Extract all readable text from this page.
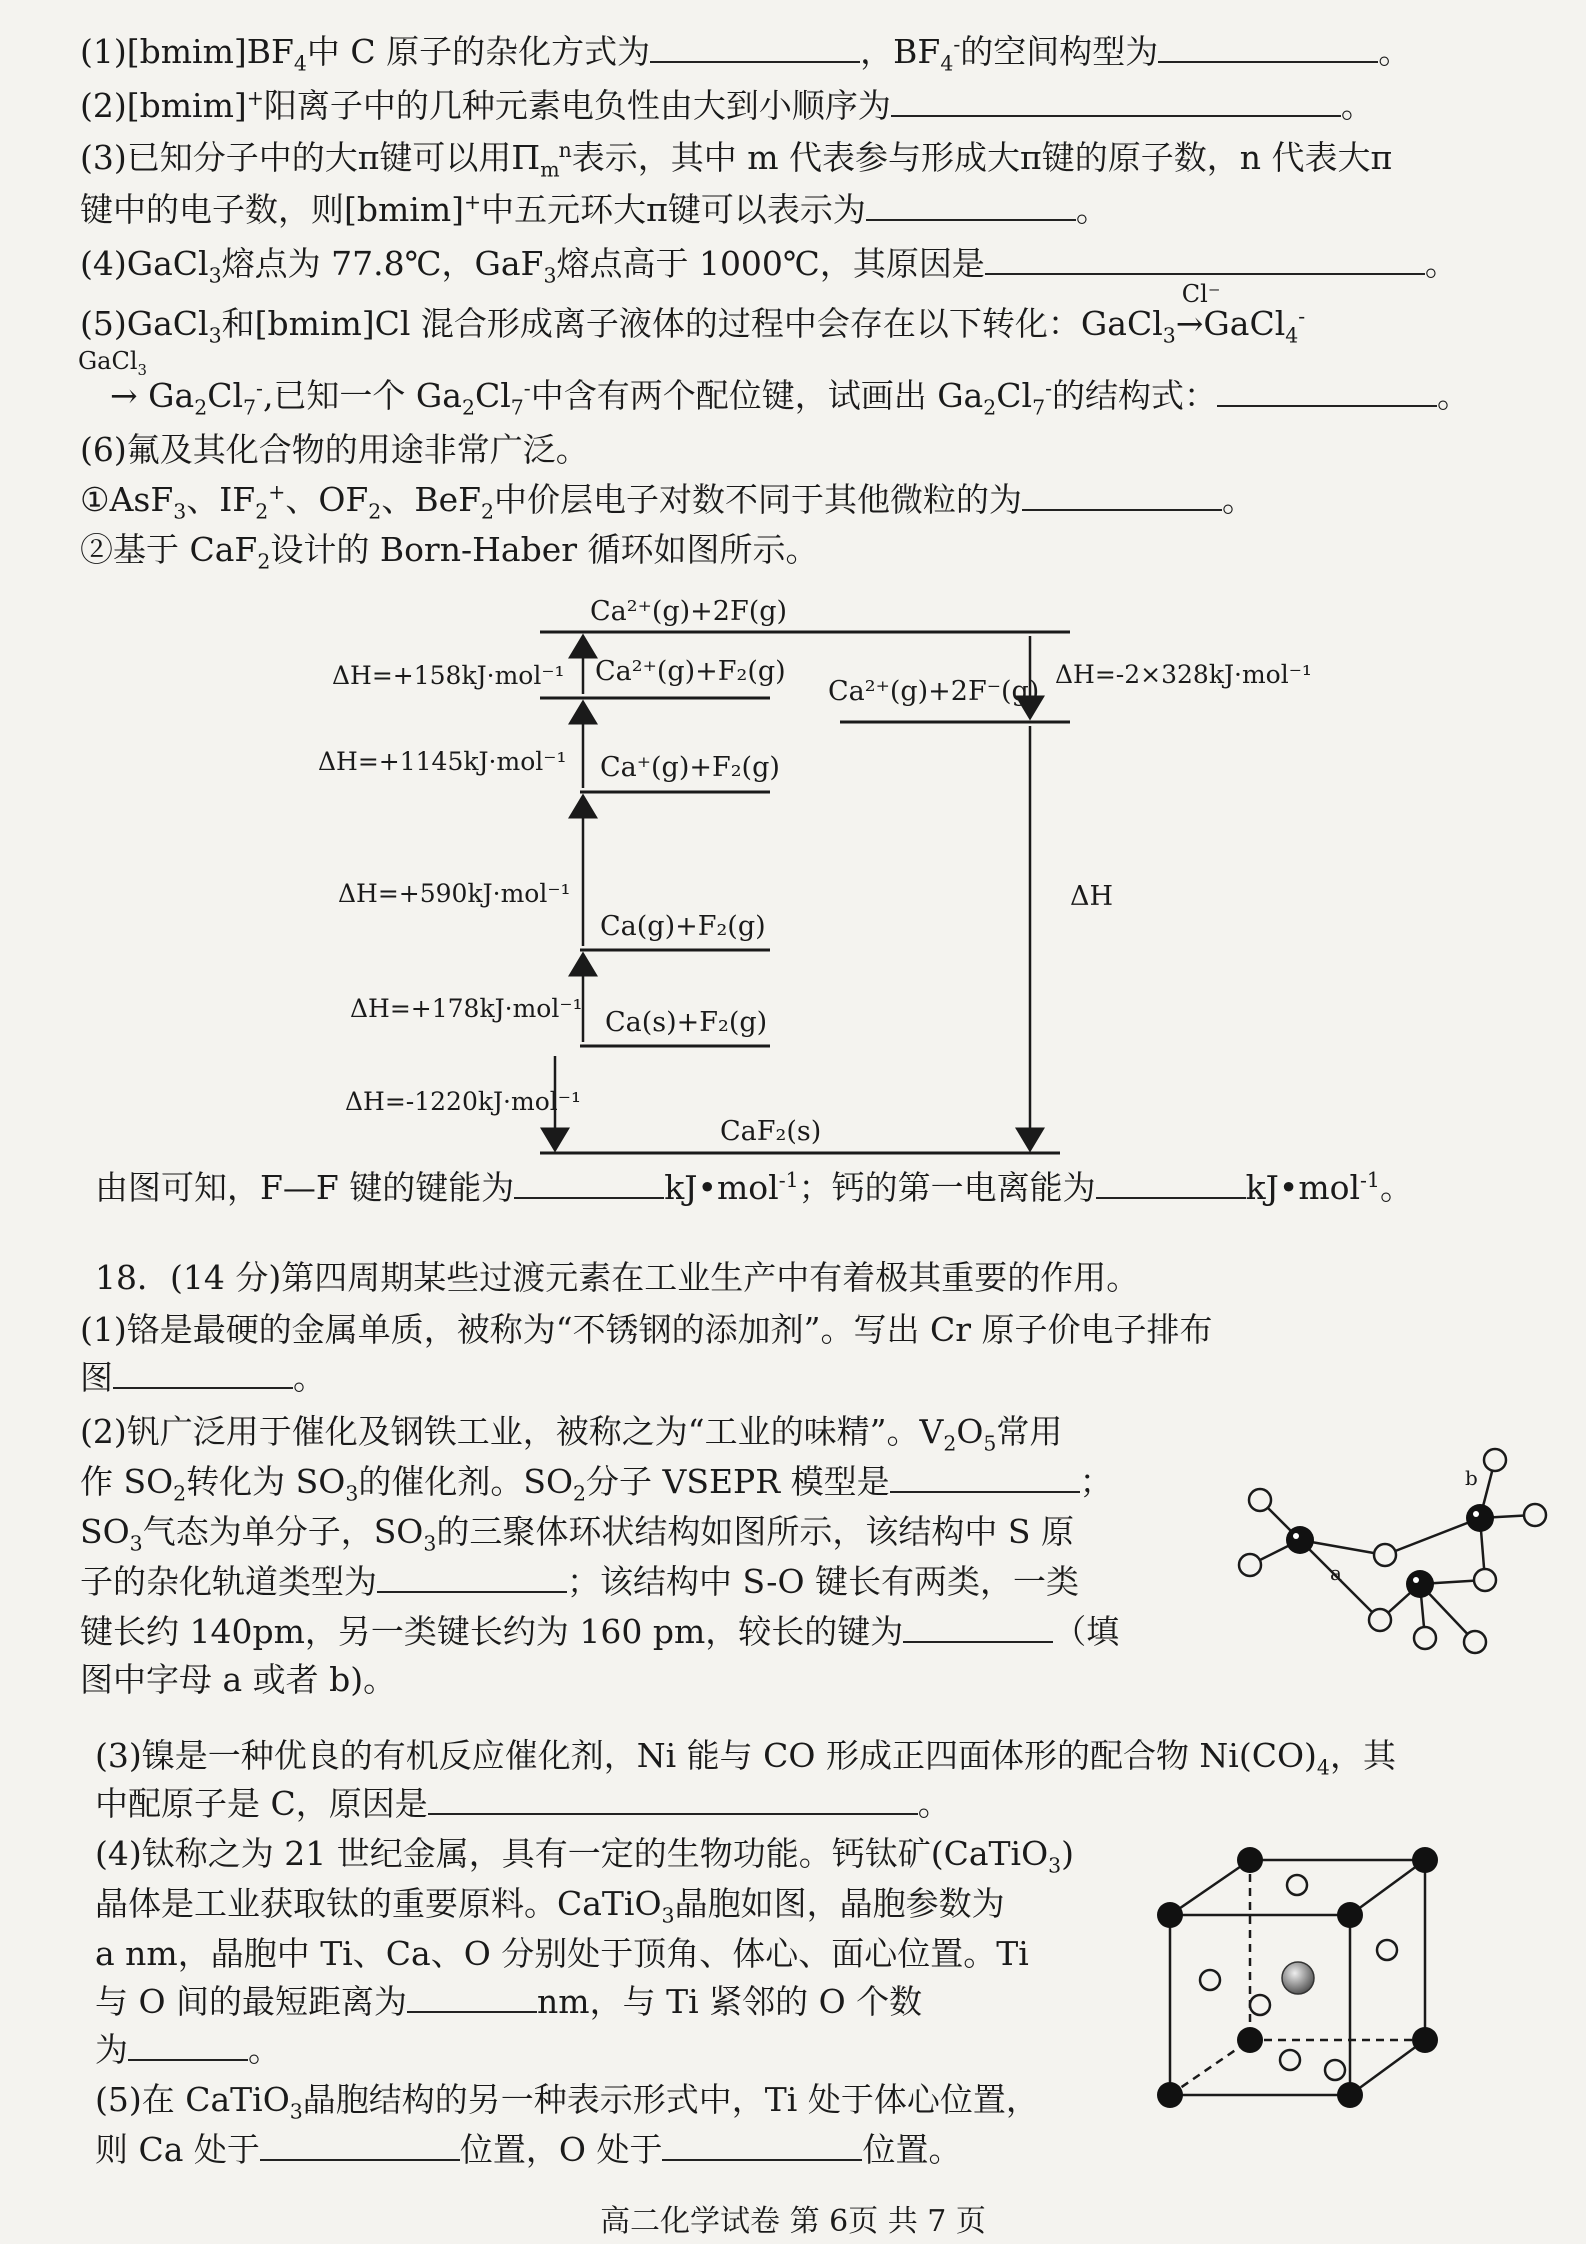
$(1)[bmim]BF_4$中 C 原子的杂化方式为	，$BF_4^-$的空间构型为	。
(2)[bmim]+阳离子中的几种元素电负性由大到小顺序为	。
(3)已知分子中的大π键可以用$\Pi_m^n$表示，其中 m 代表参与形成大π键的原子数，n 代表大π
键中的电子数，则[bmim]+中五元环大π键可以表示为	。
(4)GaCl$_3$熔点为 77.8℃，GaF$_3$熔点高于 1000℃，其原因是	。
(5)GaCl$_3$和[bmim]Cl 混合形成离子液体的过程中会存在以下转化：GaCl$_3$
Cl⁻
→GaCl$_4$-
GaCl$_3$
→ $Ga_2Cl_7^-$,已知一个 $Ga_2Cl_7^-$中含有两个配位键，试画出 $Ga_2Cl_7^-$的结构式：	。
(6)氟及其化合物的用途非常广泛。
①AsF$_3$、$IF_2^+$、$OF_2$、BeF$_2$中价层电子对数不同于其他微粒的为	。
②基于 CaF$_2$设计的 Born-Haber 循环如图所示。
Ca²⁺(g)+2F(g)
Ca²⁺(g)+F₂(g)
Ca⁺(g)+F₂(g)
Ca(g)+F₂(g)
Ca(s)+F₂(g)
CaF₂(s)
Ca²⁺(g)+2F⁻(g)
ΔH=+158kJ·mol⁻¹
ΔH=+1145kJ·mol⁻¹
ΔH=+590kJ·mol⁻¹
ΔH=+178kJ·mol⁻¹
ΔH=-1220kJ·mol⁻¹
ΔH=-2×328kJ·mol⁻¹
ΔH
由图可知，F—F 键的键能为	kJ•mol$^{-1}$；钙的第一电离能为	kJ•mol$^{-1}$。
18．(14 分)第四周期某些过渡元素在工业生产中有着极其重要的作用。
(1)铬是最硬的金属单质，被称为“不锈钢的添加剂”。写出 Cr 原子价电子排布
图	。
(2)钒广泛用于催化及钢铁工业，被称之为“工业的味精”。$V_2O_5$常用
作 $SO_2$转化为 $SO_3$的催化剂。$SO_2$分子 VSEPR 模型是	；
$SO_3$气态为单分子，$SO_3$的三聚体环状结构如图所示，该结构中 S 原
子的杂化轨道类型为	；该结构中 S-O 键长有两类，一类
键长约 140pm，另一类键长约为 160 pm，较长的键为	（填
图中字母 a 或者 b)。
a
b
(3)镍是一种优良的有机反应催化剂，Ni 能与 CO 形成正四面体形的配合物 $Ni(CO)_4$，其
中配原子是 C，原因是	。
(4)钛称之为 21 世纪金属，具有一定的生物功能。钙钛矿(CaTiO$_3$)
晶体是工业获取钛的重要原料。CaTiO$_3$晶胞如图，晶胞参数为
a nm，晶胞中 Ti、Ca、O 分别处于顶角、体心、面心位置。Ti
与 O 间的最短距离为	nm，与 Ti 紧邻的 O 个数
为	。
(5)在 CaTiO$_3$晶胞结构的另一种表示形式中，Ti 处于体心位置，
则 Ca 处于	位置，O 处于	位置。
高二化学试卷 第 6页 共 7 页
